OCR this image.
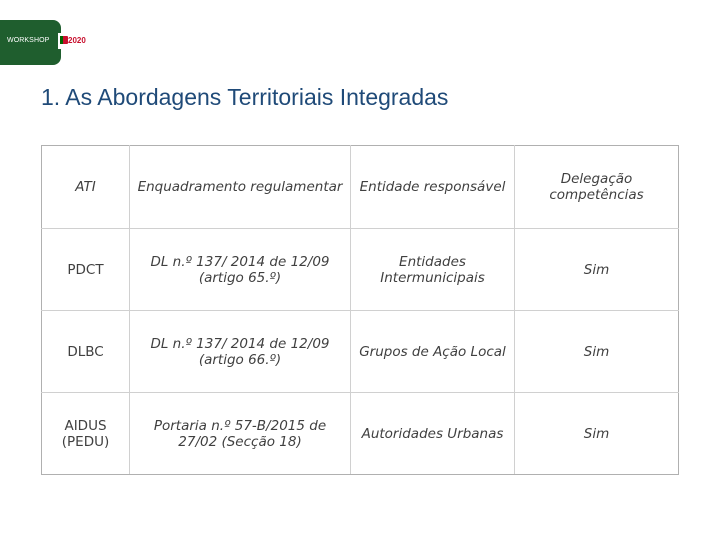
WORKSHOP 2020
1. As Abordagens Territoriais Integradas
ATI	Enquadramento regulamentar	Entidade responsável	Delegação competências
PDCT	DL n.º 137/ 2014 de 12/09 (artigo 65.º)	Entidades Intermunicipais	Sim
DLBC	DL n.º 137/ 2014 de 12/09 (artigo 66.º)	Grupos de Ação Local	Sim
AIDUS (PEDU)	Portaria n.º 57-B/2015 de 27/02 (Secção 18)	Autoridades Urbanas	Sim
